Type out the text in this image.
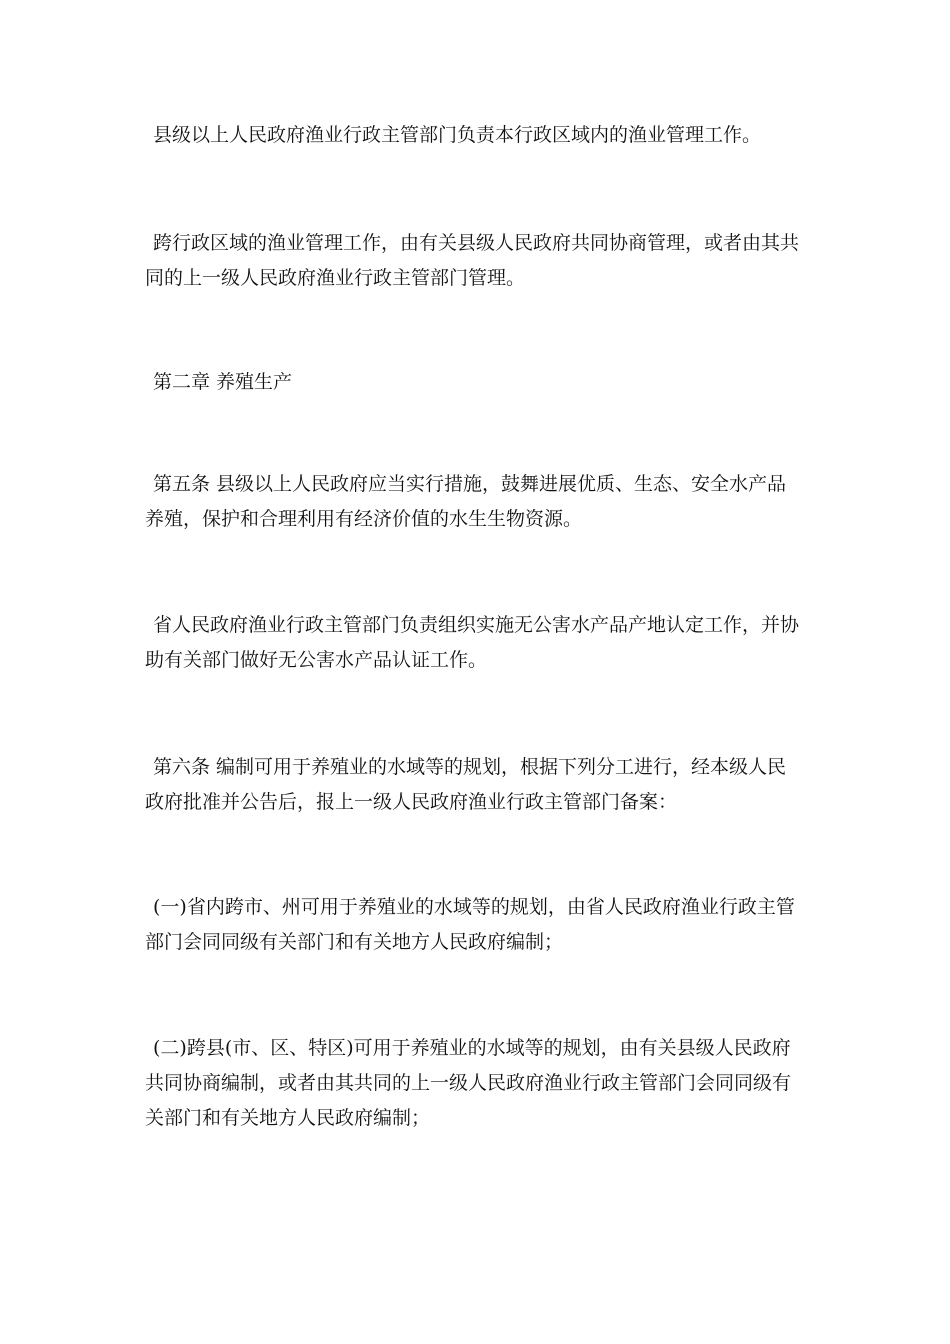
县级以上人民政府渔业行政主管部门负责本行政区域内的渔业管理工作。

跨行政区域的渔业管理工作，由有关县级人民政府共同协商管理，或者由其共
同的上一级人民政府渔业行政主管部门管理。

第二章 养殖生产

第五条 县级以上人民政府应当实行措施，鼓舞进展优质、生态、安全水产品
养殖，保护和合理利用有经济价值的水生生物资源。

省人民政府渔业行政主管部门负责组织实施无公害水产品产地认定工作，并协
助有关部门做好无公害水产品认证工作。

第六条 编制可用于养殖业的水域等的规划，根据下列分工进行，经本级人民
政府批准并公告后，报上一级人民政府渔业行政主管部门备案：

(一)省内跨市、州可用于养殖业的水域等的规划，由省人民政府渔业行政主管
部门会同同级有关部门和有关地方人民政府编制；

(二)跨县(市、区、特区)可用于养殖业的水域等的规划，由有关县级人民政府
共同协商编制，或者由其共同的上一级人民政府渔业行政主管部门会同同级有
关部门和有关地方人民政府编制；
